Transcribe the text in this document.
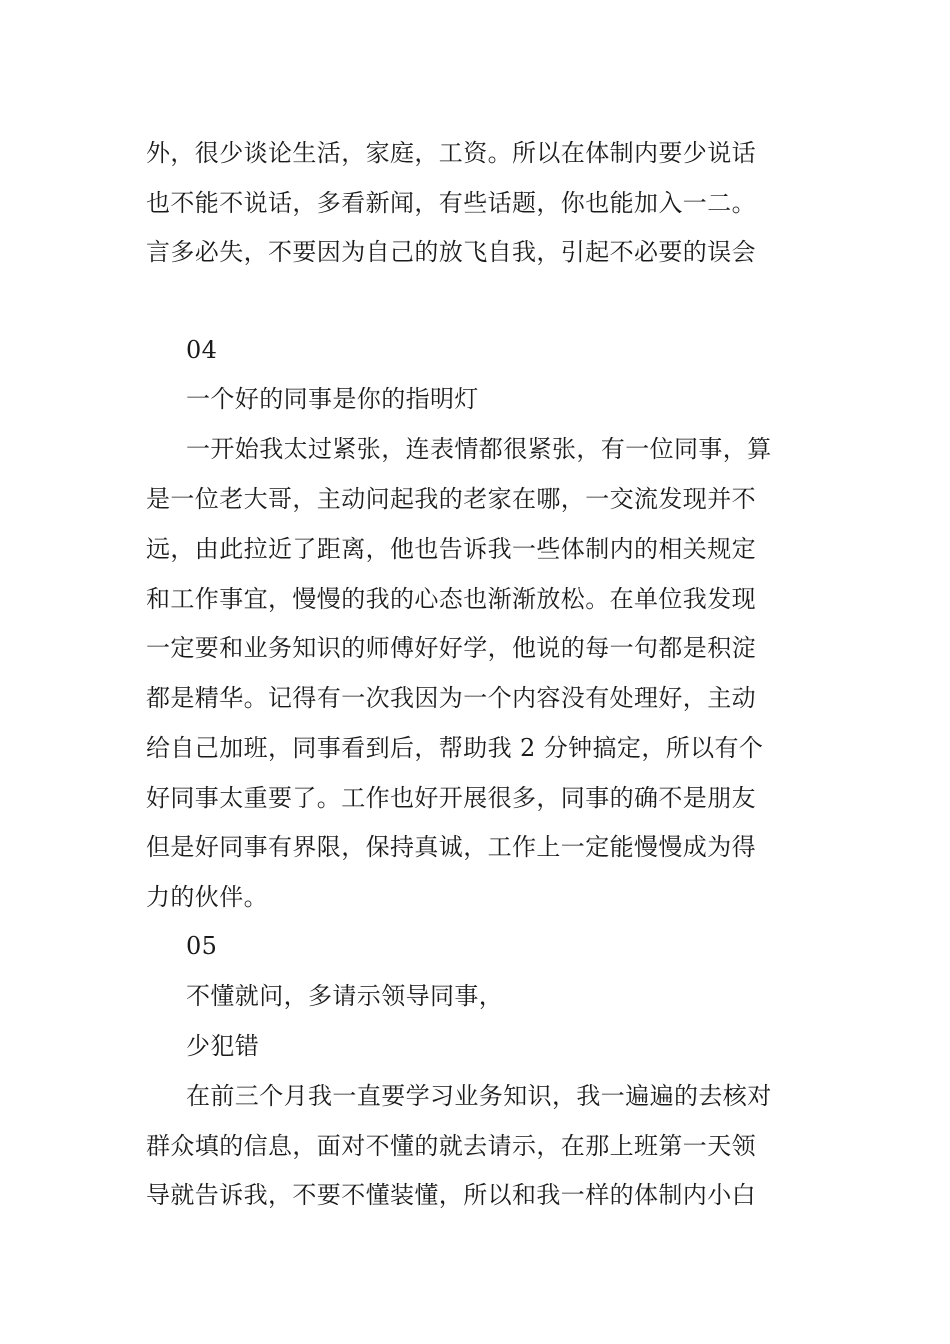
外，很少谈论生活，家庭，工资。所以在体制内要少说话
也不能不说话，多看新闻，有些话题，你也能加入一二。
言多必失，不要因为自己的放飞自我，引起不必要的误会
04
一个好的同事是你的指明灯
一开始我太过紧张，连表情都很紧张，有一位同事，算
是一位老大哥，主动问起我的老家在哪，一交流发现并不
远，由此拉近了距离，他也告诉我一些体制内的相关规定
和工作事宜，慢慢的我的心态也渐渐放松。在单位我发现
一定要和业务知识的师傅好好学，他说的每一句都是积淀
都是精华。记得有一次我因为一个内容没有处理好，主动
给自己加班，同事看到后，帮助我 2 分钟搞定，所以有个
好同事太重要了。工作也好开展很多，同事的确不是朋友
但是好同事有界限，保持真诚，工作上一定能慢慢成为得
力的伙伴。
05
不懂就问，多请示领导同事，
少犯错
在前三个月我一直要学习业务知识，我一遍遍的去核对
群众填的信息，面对不懂的就去请示，在那上班第一天领
导就告诉我，不要不懂装懂，所以和我一样的体制内小白
